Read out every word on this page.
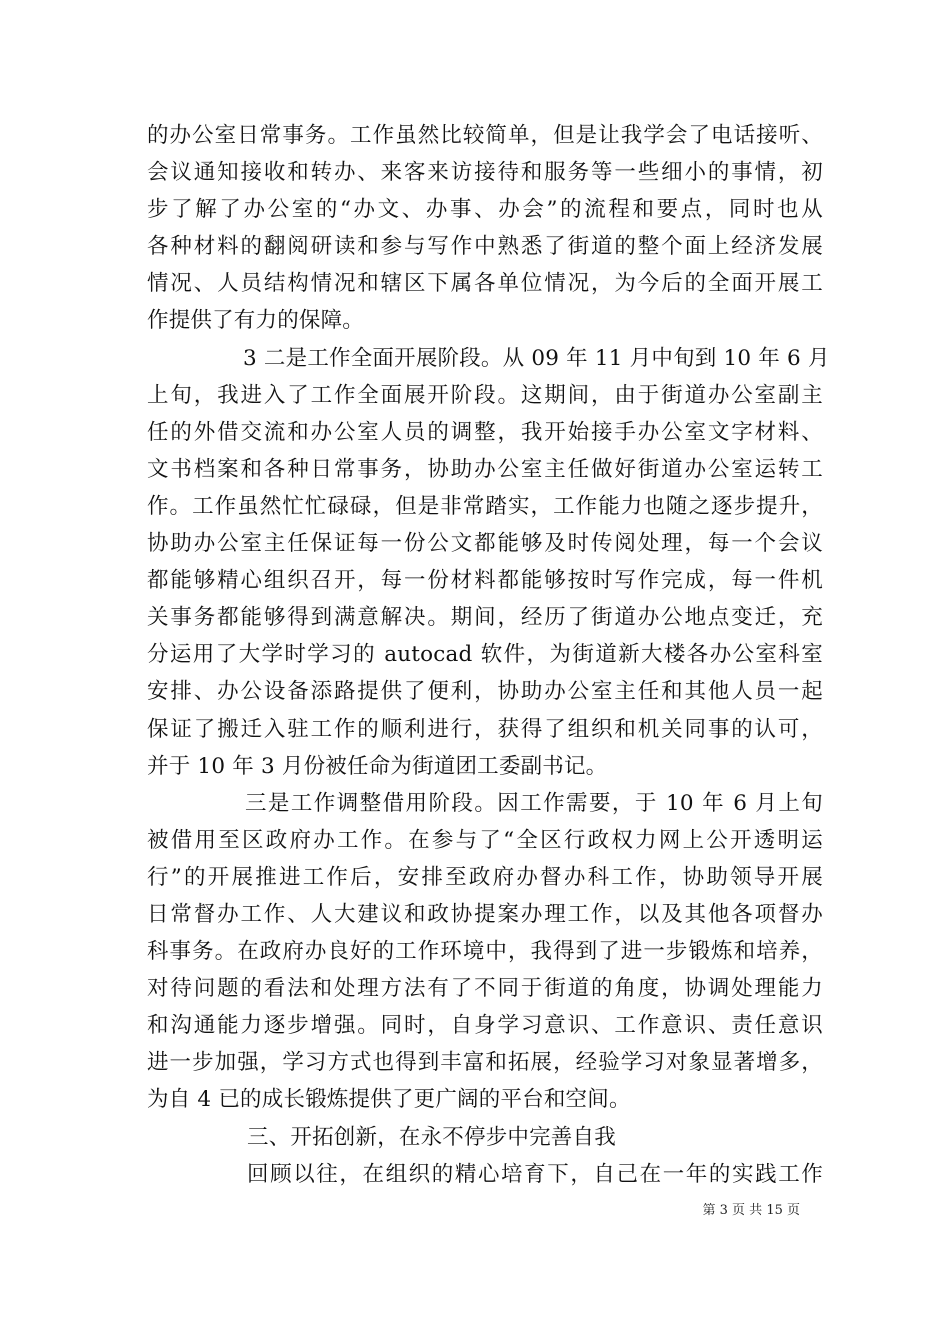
的办公室日常事务。工作虽然比较简单，但是让我学会了电话接听、
会议通知接收和转办、来客来访接待和服务等一些细小的事情，初
步了解了办公室的“办文、办事、办会”的流程和要点，同时也从
各种材料的翻阅研读和参与写作中熟悉了街道的整个面上经济发展
情况、人员结构情况和辖区下属各单位情况，为今后的全面开展工
作提供了有力的保障。
3 二是工作全面开展阶段。从 09 年 11 月中旬到 10 年 6 月
上旬，我进入了工作全面展开阶段。这期间，由于街道办公室副主
任的外借交流和办公室人员的调整，我开始接手办公室文字材料、
文书档案和各种日常事务，协助办公室主任做好街道办公室运转工
作。工作虽然忙忙碌碌，但是非常踏实，工作能力也随之逐步提升，
协助办公室主任保证每一份公文都能够及时传阅处理，每一个会议
都能够精心组织召开，每一份材料都能够按时写作完成，每一件机
关事务都能够得到满意解决。期间，经历了街道办公地点变迁，充
分运用了大学时学习的 autocad 软件，为街道新大楼各办公室科室
安排、办公设备添路提供了便利，协助办公室主任和其他人员一起
保证了搬迁入驻工作的顺利进行，获得了组织和机关同事的认可，
并于 10 年 3 月份被任命为街道团工委副书记。
三是工作调整借用阶段。因工作需要，于 10 年 6 月上旬
被借用至区政府办工作。在参与了“全区行政权力网上公开透明运
行”的开展推进工作后，安排至政府办督办科工作，协助领导开展
日常督办工作、人大建议和政协提案办理工作，以及其他各项督办
科事务。在政府办良好的工作环境中，我得到了进一步锻炼和培养，
对待问题的看法和处理方法有了不同于街道的角度，协调处理能力
和沟通能力逐步增强。同时，自身学习意识、工作意识、责任意识
进一步加强，学习方式也得到丰富和拓展，经验学习对象显著增多，
为自 4 已的成长锻炼提供了更广阔的平台和空间。
三、开拓创新，在永不停步中完善自我
回顾以往，在组织的精心培育下，自己在一年的实践工作
第 3 页 共 15 页
